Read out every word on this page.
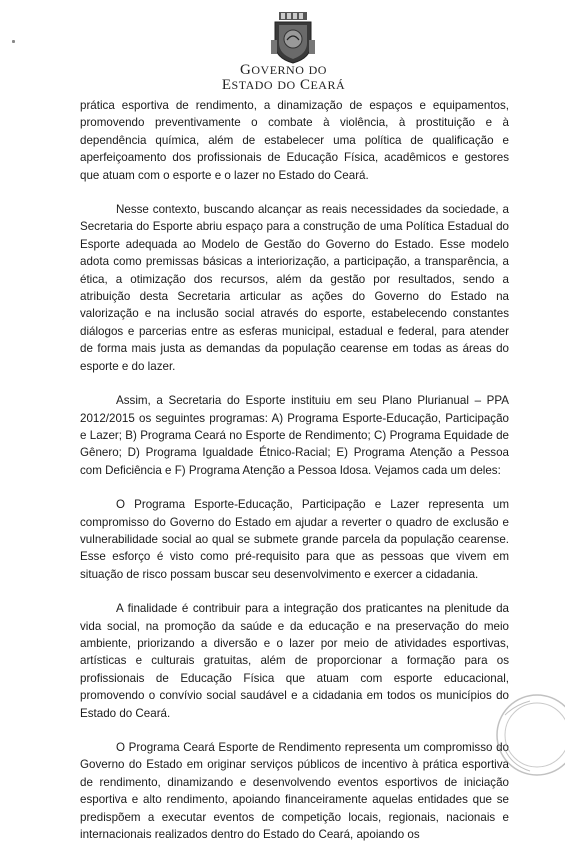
GOVERNO DO
ESTADO DO CEARÁ

prática esportiva de rendimento, a dinamização de espaços e equipamentos, promovendo preventivamente o combate à violência, à prostituição e à dependência química, além de estabelecer uma política de qualificação e aperfeiçoamento dos profissionais de Educação Física, acadêmicos e gestores que atuam com o esporte e o lazer no Estado do Ceará.

Nesse contexto, buscando alcançar as reais necessidades da sociedade, a Secretaria do Esporte abriu espaço para a construção de uma Política Estadual do Esporte adequada ao Modelo de Gestão do Governo do Estado. Esse modelo adota como premissas básicas a interiorização, a participação, a transparência, a ética, a otimização dos recursos, além da gestão por resultados, sendo a atribuição desta Secretaria articular as ações do Governo do Estado na valorização e na inclusão social através do esporte, estabelecendo constantes diálogos e parcerias entre as esferas municipal, estadual e federal, para atender de forma mais justa as demandas da população cearense em todas as áreas do esporte e do lazer.

Assim, a Secretaria do Esporte instituiu em seu Plano Plurianual – PPA 2012/2015 os seguintes programas: A) Programa Esporte-Educação, Participação e Lazer; B) Programa Ceará no Esporte de Rendimento; C) Programa Equidade de Gênero; D) Programa Igualdade Étnico-Racial; E) Programa Atenção a Pessoa com Deficiência e F) Programa Atenção a Pessoa Idosa. Vejamos cada um deles:

O Programa Esporte-Educação, Participação e Lazer representa um compromisso do Governo do Estado em ajudar a reverter o quadro de exclusão e vulnerabilidade social ao qual se submete grande parcela da população cearense. Esse esforço é visto como pré-requisito para que as pessoas que vivem em situação de risco possam buscar seu desenvolvimento e exercer a cidadania.

A finalidade é contribuir para a integração dos praticantes na plenitude da vida social, na promoção da saúde e da educação e na preservação do meio ambiente, priorizando a diversão e o lazer por meio de atividades esportivas, artísticas e culturais gratuitas, além de proporcionar a formação para os profissionais de Educação Física que atuam com esporte educacional, promovendo o convívio social saudável e a cidadania em todos os municípios do Estado do Ceará.

O Programa Ceará Esporte de Rendimento representa um compromisso do Governo do Estado em originar serviços públicos de incentivo à prática esportiva de rendimento, dinamizando e desenvolvendo eventos esportivos de iniciação esportiva e alto rendimento, apoiando financeiramente aquelas entidades que se predispõem a executar eventos de competição locais, regionais, nacionais e internacionais realizados dentro do Estado do Ceará, apoiando os
